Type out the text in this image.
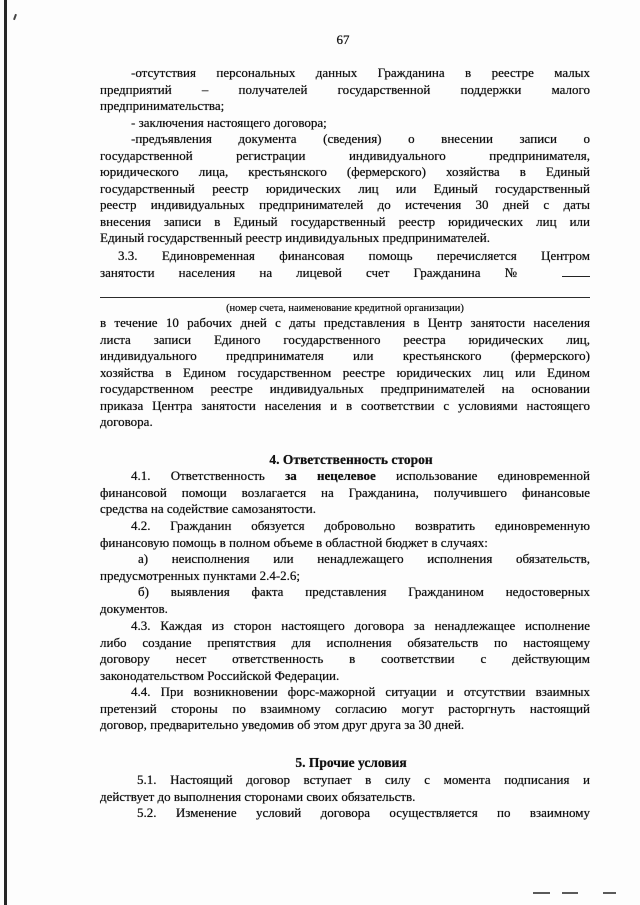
67
-отсутствия персональных данных Гражданина в реестре малых
предприятий – получателей государственной поддержки малого
предпринимательства;
- заключения настоящего договора;
-предъявления документа (сведения) о внесении записи о
государственной регистрации индивидуального предпринимателя,
юридического лица, крестьянского (фермерского) хозяйства в Единый
государственный реестр юридических лиц или Единый государственный
реестр индивидуальных предпринимателей до истечения 30 дней с даты
внесения записи в Единый государственный реестр юридических лиц или
Единый государственный реестр индивидуальных предпринимателей.
3.3. Единовременная финансовая помощь перечисляется Центром
занятости населения на лицевой счет Гражданина №
(номер счета, наименование кредитной организации)
в течение 10 рабочих дней с даты представления в Центр занятости населения
листа записи Единого государственного реестра юридических лиц,
индивидуального предпринимателя или крестьянского (фермерского)
хозяйства в Едином государственном реестре юридических лиц или Едином
государственном реестре индивидуальных предпринимателей на основании
приказа Центра занятости населения и в соответствии с условиями настоящего
договора.
4. Ответственность сторон
4.1. Ответственность за нецелевое использование единовременной
финансовой помощи возлагается на Гражданина, получившего финансовые
средства на содействие самозанятости.
4.2. Гражданин обязуется добровольно возвратить единовременную
финансовую помощь в полном объеме в областной бюджет в случаях:
а) неисполнения или ненадлежащего исполнения обязательств,
предусмотренных пунктами 2.4-2.6;
б) выявления факта представления Гражданином недостоверных
документов.
4.3. Каждая из сторон настоящего договора за ненадлежащее исполнение
либо создание препятствия для исполнения обязательств по настоящему
договору несет ответственность в соответствии с действующим
законодательством Российской Федерации.
4.4. При возникновении форс-мажорной ситуации и отсутствии взаимных
претензий стороны по взаимному согласию могут расторгнуть настоящий
договор, предварительно уведомив об этом друг друга за 30 дней.
5. Прочие условия
5.1. Настоящий договор вступает в силу с момента подписания и
действует до выполнения сторонами своих обязательств.
5.2. Изменение условий договора осуществляется по взаимному
